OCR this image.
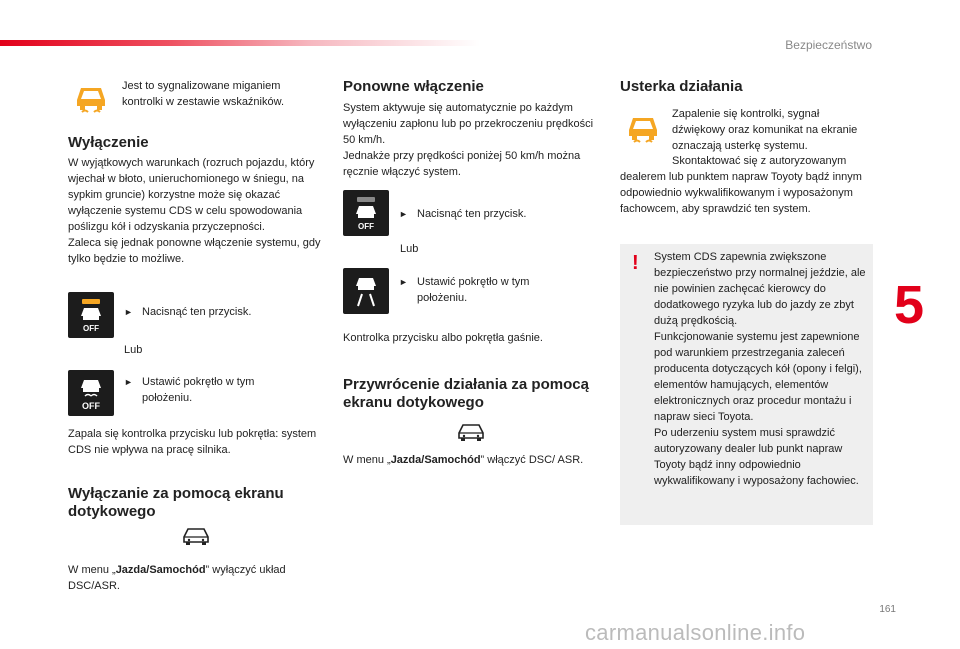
Bezpieczeństwo
5
161
carmanualsonline.info

Jest to sygnalizowane miganiem kontrolki w zestawie wskaźników.

Wyłączenie

W wyjątkowych warunkach (rozruch pojazdu, który wjechał w błoto, unieruchomionego w śniegu, na sypkim gruncie) korzystne może się okazać wyłączenie systemu CDS w celu spowodowania poślizgu kół i odzyskania przyczepności.
Zaleca się jednak ponowne włączenie systemu, gdy tylko będzie to możliwe.

OFF
► Nacisnąć ten przycisk.

Lub

OFF
► Ustawić pokrętło w tym położeniu.

Zapala się kontrolka przycisku lub pokrętła: system CDS nie wpływa na pracę silnika.

Wyłączanie za pomocą ekranu dotykowego

W menu „Jazda/Samochód” wyłączyć układ DSC/ASR.

Ponowne włączenie

System aktywuje się automatycznie po każdym wyłączeniu zapłonu lub po przekroczeniu prędkości 50 km/h.
Jednakże przy prędkości poniżej 50 km/h można ręcznie włączyć system.

OFF
► Nacisnąć ten przycisk.

Lub

► Ustawić pokrętło w tym położeniu.

Kontrolka przycisku albo pokrętła gaśnie.

Przywrócenie działania za pomocą ekranu dotykowego

W menu „Jazda/Samochód” włączyć DSC/ ASR.

Usterka działania

Zapalenie się kontrolki, sygnał dźwiękowy oraz komunikat na ekranie oznaczają usterkę systemu.

Skontaktować się z autoryzowanym dealerem lub punktem napraw Toyoty bądź innym odpowiednio wykwalifikowanym i wyposażonym fachowcem, aby sprawdzić ten system.

! System CDS zapewnia zwiększone bezpieczeństwo przy normalnej jeździe, ale nie powinien zachęcać kierowcy do dodatkowego ryzyka lub do jazdy ze zbyt dużą prędkością.
Funkcjonowanie systemu jest zapewnione pod warunkiem przestrzegania zaleceń producenta dotyczących kół (opony i felgi), elementów hamujących, elementów elektronicznych oraz procedur montażu i napraw sieci Toyota.
Po uderzeniu system musi sprawdzić autoryzowany dealer lub punkt napraw Toyoty bądź inny odpowiednio wykwalifikowany i wyposażony fachowiec.
